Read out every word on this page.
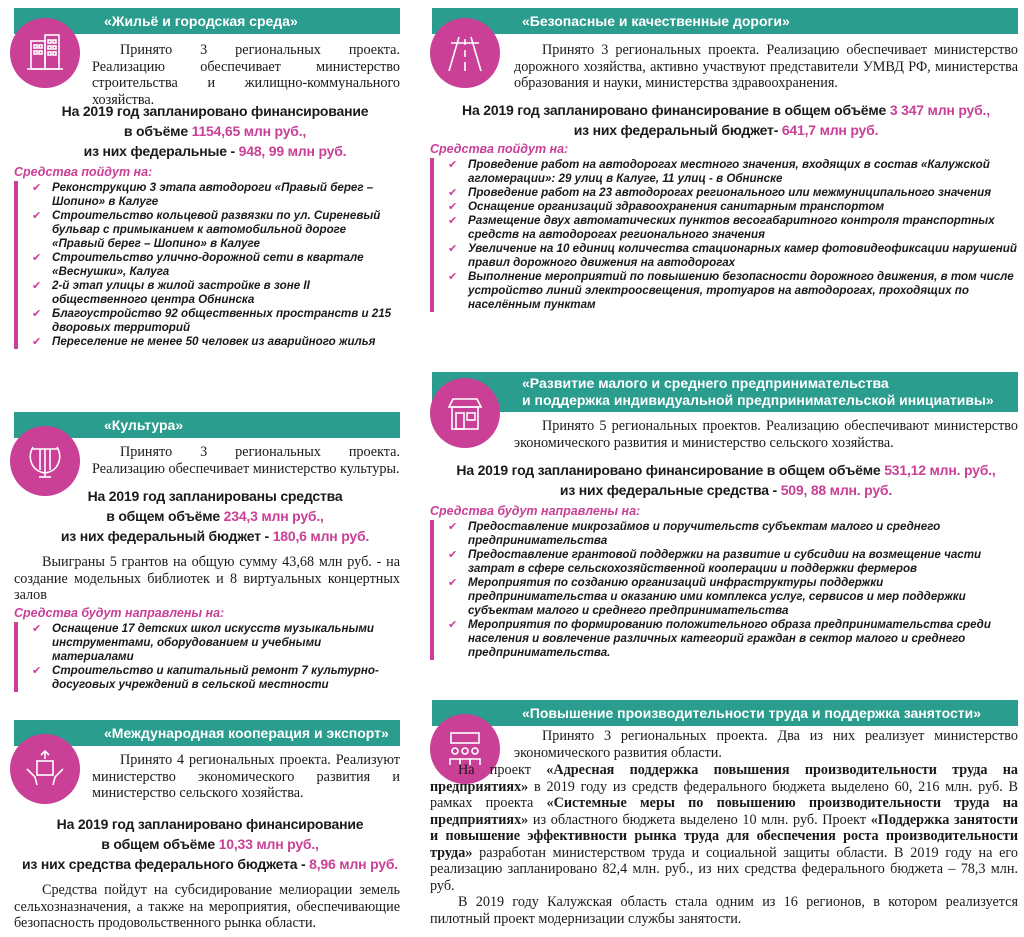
«Жильё и городская среда»

Принято 3 региональных проекта. Реализацию обеспечивает министерство строительства и жилищно-коммунального хозяйства.

На 2019 год запланировано финансирование
в объёме 1154,65 млн руб.,
из них федеральные - 948, 99 млн руб.
Средства пойдут на:
✔ Реконструкцию 3 этапа автодороги «Правый берег – Шопино» в Калуге
✔ Строительство кольцевой развязки по ул. Сиреневый бульвар с примыканием к автомобильной дороге «Правый берег – Шопино» в Калуге
✔ Строительство улично-дорожной сети в квартале «Веснушки», Калуга
✔ 2-й этап улицы в жилой застройке в зоне II общественного центра Обнинска
✔ Благоустройство 92 общественных пространств и 215 дворовых территорий
✔ Переселение не менее 50 человек из аварийного жилья
«Культура»

Принято 3 региональных проекта. Реализацию обеспечивает министерство культуры.

На 2019 год запланированы средства
в общем объёме 234,3 млн руб.,
из них федеральный бюджет - 180,6 млн руб.

Выиграны 5 грантов на общую сумму 43,68 млн руб. - на создание модельных библиотек и 8 виртуальных концертных залов

Средства будут направлены на:
✔ Оснащение 17 детских школ искусств музыкальными инструментами, оборудованием и учебными материалами
✔ Строительство и капитальный ремонт 7 культурно-досуговых учреждений в сельской местности
«Международная кооперация и экспорт»

Принято 4 региональных проекта. Реализуют министерство экономического развития и министерство сельского хозяйства.

На 2019 год запланировано финансирование
в общем объёме 10,33 млн руб.,
из них средства федерального бюджета - 8,96 млн руб.

Средства пойдут на субсидирование мелиорации земель сельхозназначения, а также на мероприятия, обеспечивающие безопасность продовольственного рынка области.

«Безопасные и качественные дороги»

Принято 3 региональных проекта. Реализацию обеспечивает министерство дорожного хозяйства, активно участвуют представители УМВД РФ, министерства образования и науки, министерства здравоохранения.

На 2019 год запланировано финансирование в общем объёме 3 347 млн руб.,
из них федеральный бюджет- 641,7 млн руб.
Средства пойдут на:
✔ Проведение работ на автодорогах местного значения, входящих в состав «Калужской агломерации»: 29 улиц в Калуге, 11 улиц - в Обнинске
✔ Проведение работ на 23 автодорогах регионального или межмуниципального значения
✔ Оснащение организаций здравоохранения санитарным транспортом
✔ Размещение двух автоматических пунктов весогабаритного контроля транспортных средств на автодорогах регионального значения
✔ Увеличение на 10 единиц количества стационарных камер фотовидеофиксации нарушений правил дорожного движения на автодорогах
✔ Выполнение мероприятий по повышению безопасности дорожного движения, в том числе устройство линий электроосвещения, тротуаров на автодорогах, проходящих по населённым пунктам
«Развитие малого и среднего предпринимательства
и поддержка индивидуальной предпринимательской инициативы»

Принято 5 региональных проектов. Реализацию обеспечивают министерство экономического развития и министерство сельского хозяйства.

На 2019 год запланировано финансирование в общем объёме 531,12 млн. руб.,
из них федеральные средства - 509, 88 млн. руб.
Средства будут направлены на:
✔ Предоставление микрозаймов и поручительств субъектам малого и среднего предпринимательства
✔ Предоставление грантовой поддержки на развитие и субсидии на возмещение части затрат в сфере сельскохозяйственной кооперации и поддержки фермеров
✔ Мероприятия по созданию организаций инфраструктуры поддержки предпринимательства и оказанию ими комплекса услуг, сервисов и мер поддержки субъектам малого и среднего предпринимательства
✔ Мероприятия по формированию положительного образа предпринимательства среди населения и вовлечение различных категорий граждан в сектор малого и среднего предпринимательства.
«Повышение производительности труда и поддержка занятости»

Принято 3 региональных проекта. Два из них реализует министерство экономического развития области.

На проект «Адресная поддержка повышения производительности труда на предприятиях» в 2019 году из средств федерального бюджета выделено 60, 216 млн. руб. В рамках проекта «Системные меры по повышению производительности труда на предприятиях» из областного бюджета выделено 10 млн. руб. Проект «Поддержка занятости и повышение эффективности рынка труда для обеспечения роста производительности труда» разработан министерством труда и социальной защиты области. В 2019 году на его реализацию запланировано 82,4 млн. руб., из них средства федерального бюджета – 78,3 млн. руб.

В 2019 году Калужская область стала одним из 16 регионов, в котором реализуется пилотный проект модернизации службы занятости.
